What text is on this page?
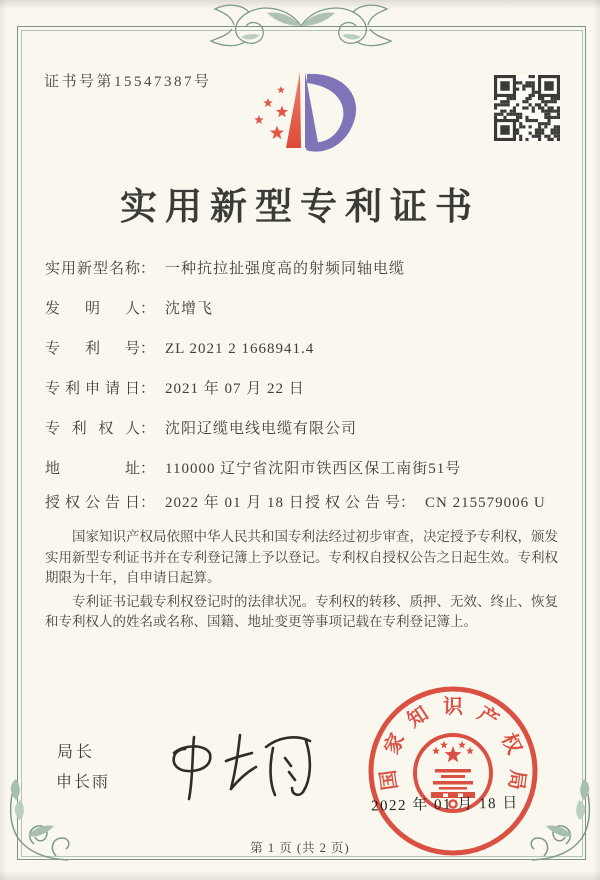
证书号第15547387号
实用新型专利证书
实用新型名称： 一种抗拉扯强度高的射频同轴电缆
发明人： 沈增飞
专利号： ZL 2021 2 1668941.4
专利申请日： 2021 年 07 月 22 日
专利权人： 沈阳辽缆电线电缆有限公司
地址： 110000 辽宁省沈阳市铁西区保工南街51号
授权公告日： 2022 年 01 月 18 日 授权公告号： CN 215579006 U

国家知识产权局依照中华人民共和国专利法经过初步审查，决定授予专利权，颁发实用新型专利证书并在专利登记簿上予以登记。专利权自授权公告之日起生效。专利权期限为十年，自申请日起算。

专利证书记载专利权登记时的法律状况。专利权的转移、质押、无效、终止、恢复和专利权人的姓名或名称、国籍、地址变更等事项记载在专利登记簿上。

局长
申长雨	国
家
知 识 产
权
局
2022 年 01 月 18 日
第 1 页 (共 2 页)
